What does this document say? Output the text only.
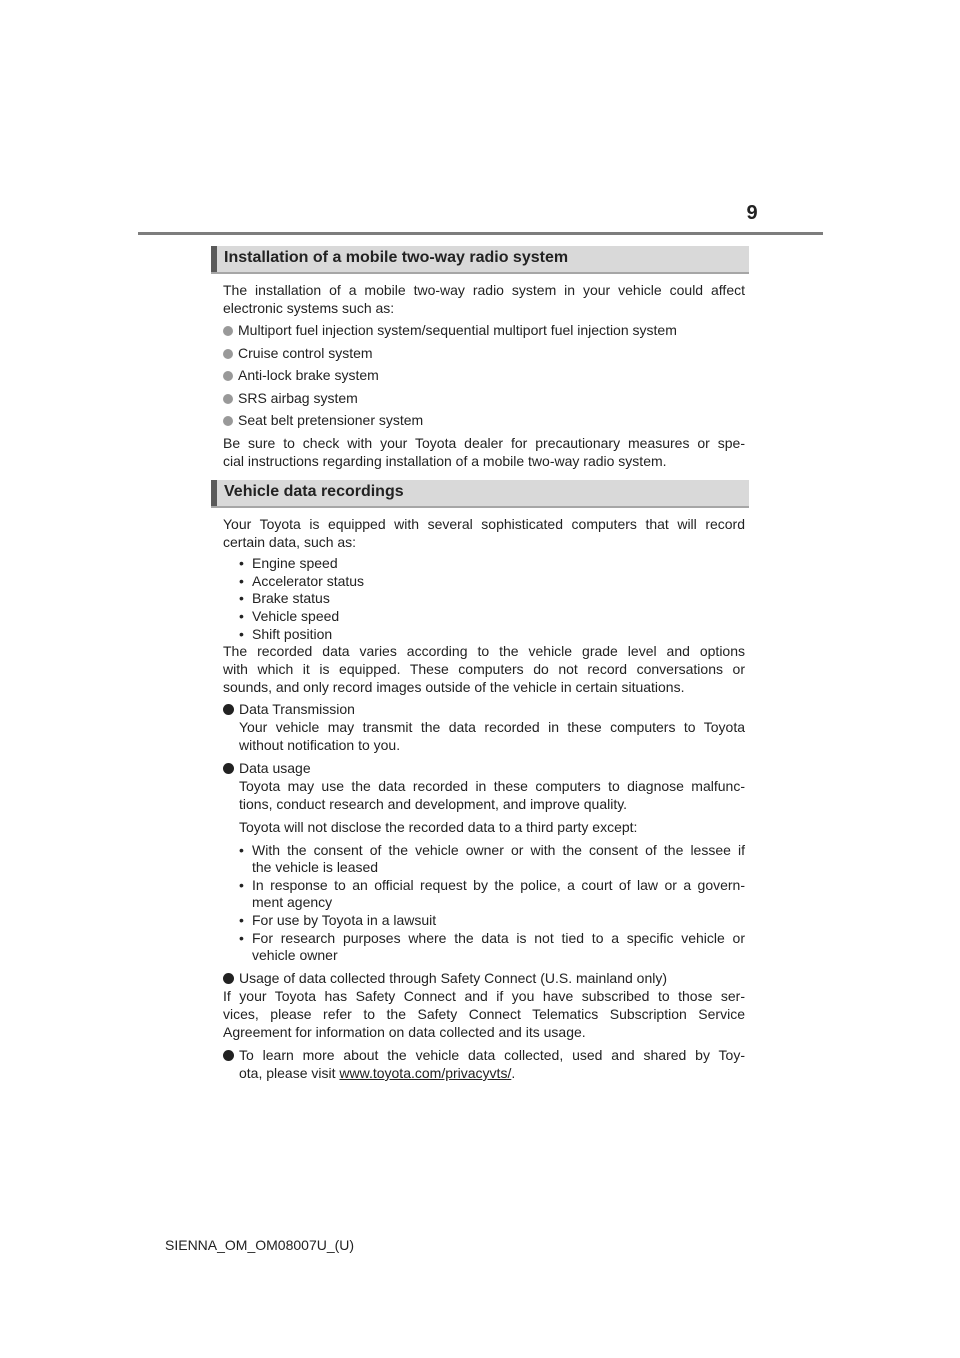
9
Installation of a mobile two-way radio system
The installation of a mobile two-way radio system in your vehicle could affect
electronic systems such as:
Multiport fuel injection system/sequential multiport fuel injection system
Cruise control system
Anti-lock brake system
SRS airbag system
Seat belt pretensioner system
Be sure to check with your Toyota dealer for precautionary measures or spe-
cial instructions regarding installation of a mobile two-way radio system.
Vehicle data recordings
Your Toyota is equipped with several sophisticated computers that will record
certain data, such as:
• Engine speed
• Accelerator status
• Brake status
• Vehicle speed
• Shift position
The recorded data varies according to the vehicle grade level and options
with which it is equipped. These computers do not record conversations or
sounds, and only record images outside of the vehicle in certain situations.
Data Transmission
Your vehicle may transmit the data recorded in these computers to Toyota
without notification to you.
Data usage
Toyota may use the data recorded in these computers to diagnose malfunc-
tions, conduct research and development, and improve quality.
Toyota will not disclose the recorded data to a third party except:
• With the consent of the vehicle owner or with the consent of the lessee if
the vehicle is leased
• In response to an official request by the police, a court of law or a govern-
ment agency
• For use by Toyota in a lawsuit
• For research purposes where the data is not tied to a specific vehicle or
vehicle owner
Usage of data collected through Safety Connect (U.S. mainland only)
If your Toyota has Safety Connect and if you have subscribed to those ser-
vices, please refer to the Safety Connect Telematics Subscription Service
Agreement for information on data collected and its usage.
To learn more about the vehicle data collected, used and shared by Toy-
ota, please visit www.toyota.com/privacyvts/.
SIENNA_OM_OM08007U_(U)
